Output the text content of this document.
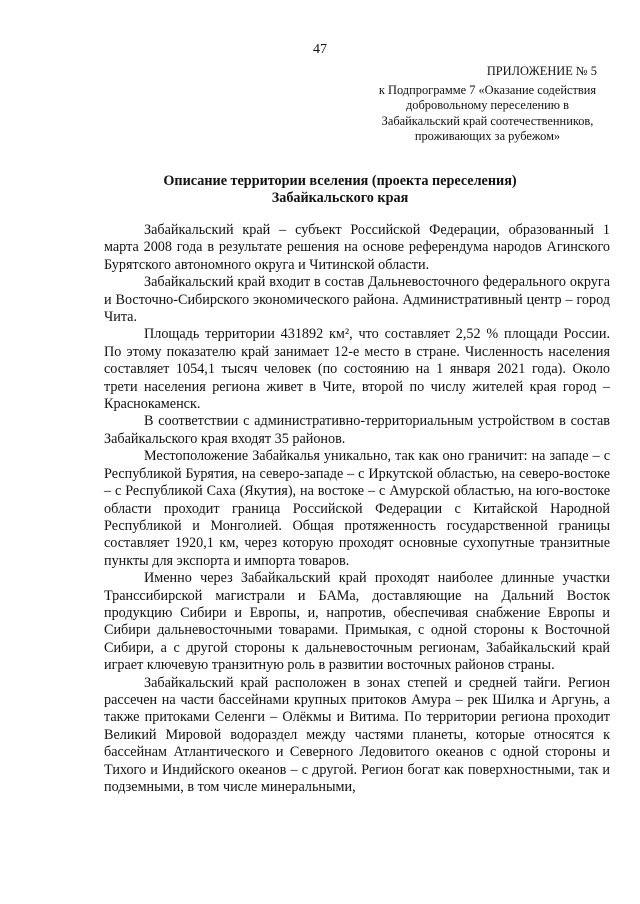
47
ПРИЛОЖЕНИЕ № 5
к Подпрограмме 7 «Оказание содействия
добровольному переселению в
Забайкальский край соотечественников,
проживающих за рубежом»
Описание территории вселения (проекта переселения)
Забайкальского края

Забайкальский край – субъект Российской Федерации, образованный 1 марта 2008 года в результате решения на основе референдума народов Агинского Бурятского автономного округа и Читинской области.

Забайкальский край входит в состав Дальневосточного федерального округа и Восточно-Сибирского экономического района. Административный центр – город Чита.

Площадь территории 431892 км², что составляет 2,52 % площади России. По этому показателю край занимает 12-е место в стране. Численность населения составляет 1054,1 тысяч человек (по состоянию на 1 января 2021 года). Около трети населения региона живет в Чите, второй по числу жителей края город – Краснокаменск.

В соответствии с административно-территориальным устройством в состав Забайкальского края входят 35 районов.

Местоположение Забайкалья уникально, так как оно граничит: на западе – с Республикой Бурятия, на северо-западе – с Иркутской областью, на северо-востоке – с Республикой Саха (Якутия), на востоке – с Амурской областью, на юго-востоке области проходит граница Российской Федерации с Китайской Народной Республикой и Монголией. Общая протяженность государственной границы составляет 1920,1 км, через которую проходят основные сухопутные транзитные пункты для экспорта и импорта товаров.

Именно через Забайкальский край проходят наиболее длинные участки Транссибирской магистрали и БАМа, доставляющие на Дальний Восток продукцию Сибири и Европы, и, напротив, обеспечивая снабжение Европы и Сибири дальневосточными товарами. Примыкая, с одной стороны к Восточной Сибири, а с другой стороны к дальневосточным регионам, Забайкальский край играет ключевую транзитную роль в развитии восточных районов страны.

Забайкальский край расположен в зонах степей и средней тайги. Регион рассечен на части бассейнами крупных притоков Амура – рек Шилка и Аргунь, а также притоками Селенги – Олёкмы и Витима. По территории региона проходит Великий Мировой водораздел между частями планеты, которые относятся к бассейнам Атлантического и Северного Ледовитого океанов с одной стороны и Тихого и Индийского океанов – с другой. Регион богат как поверхностными, так и подземными, в том числе минеральными,
